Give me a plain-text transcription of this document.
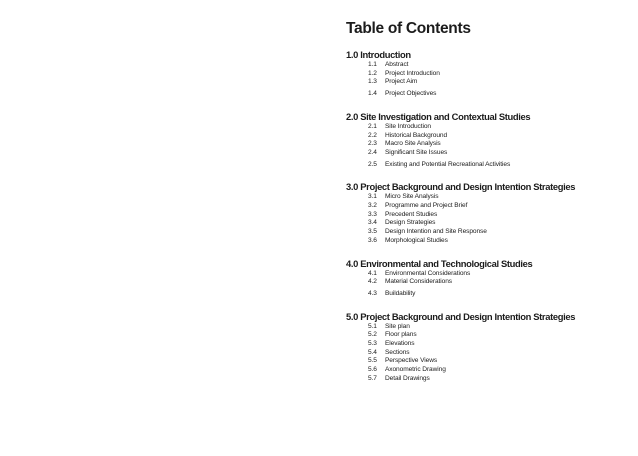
Table of Contents
1.0 Introduction
1.1	Abstract
1.2	Project Introduction
1.3	Project Aim
1.4	Project Objectives
2.0 Site Investigation and Contextual Studies
2.1	Site Introduction
2.2	Historical Background
2.3	Macro Site Analysis
2.4	Significant Site Issues
2.5	Existing and Potential Recreational Activities
3.0 Project Background and Design Intention Strategies
3.1	Micro Site Analysis
3.2	Programme and Project Brief
3.3	Precedent Studies
3.4	Design Strategies
3.5	Design Intention and Site Response
3.6	Morphological Studies
4.0 Environmental and Technological Studies
4.1	Environmental Considerations
4.2	Material Considerations
4.3	Buildability
5.0 Project Background and Design Intention Strategies
5.1	Site plan
5.2	Floor plans
5.3	Elevations
5.4	Sections
5.5	Perspective Views
5.6	Axonometric Drawing
5.7	Detail Drawings
